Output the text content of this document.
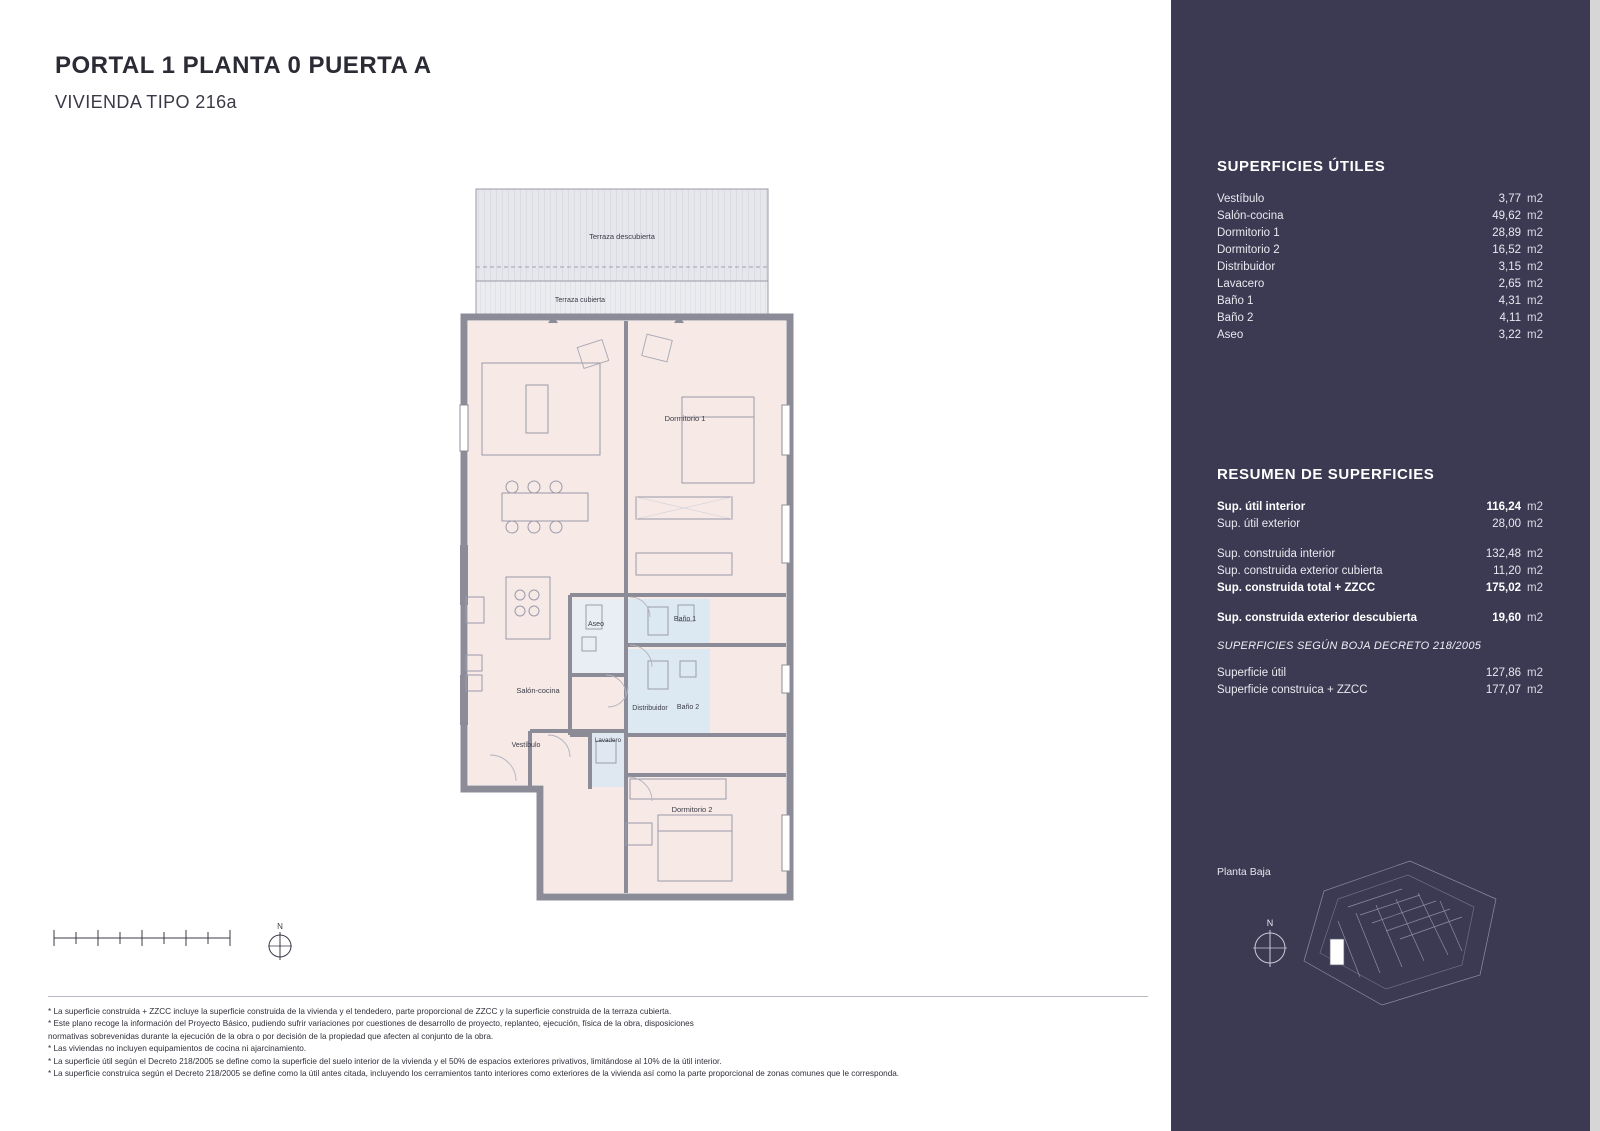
PORTAL 1 PLANTA 0 PUERTA A
VIVIENDA TIPO 216a
Terraza descubierta
Terraza cubierta
Dormitorio 1
Dormitorio 2
Salón-cocina
Aseo
Baño 1
Baño 2
Distribuidor
Vestíbulo
Lavadero
N
* La superficie construida + ZZCC incluye la superficie construida de la vivienda y el tendedero, parte proporcional de ZZCC y la superficie construida de la terraza cubierta.
* Este plano recoge la información del Proyecto Básico, pudiendo sufrir variaciones por cuestiones de desarrollo de proyecto, replanteo, ejecución, física de la obra, disposiciones
normativas sobrevenidas durante la ejecución de la obra o por decisión de la propiedad que afecten al conjunto de la obra.
* Las viviendas no incluyen equipamientos de cocina ni ajarcinamiento.
* La superficie útil según el Decreto 218/2005 se define como la superficie del suelo interior de la vivienda y el 50% de espacios exteriores privativos, limitándose al 10% de la útil interior.
* La superficie construica según el Decreto 218/2005 se define como la útil antes citada, incluyendo los cerramientos tanto interiores como exteriores de la vivienda así como la parte proporcional de zonas comunes que le corresponda.
SUPERFICIES ÚTILES
Vestíbulo	3,77 m2
Salón-cocina	49,62 m2
Dormitorio 1	28,89 m2
Dormitorio 2	16,52 m2
Distribuidor	3,15 m2
Lavacero	2,65 m2
Baño 1	4,31 m2
Baño 2	4,11 m2
Aseo	3,22 m2
RESUMEN DE SUPERFICIES
Sup. útil interior	116,24 m2
Sup. útil exterior	28,00 m2
Sup. construida interior	132,48 m2
Sup. construida exterior cubierta	11,20 m2
Sup. construida total + ZZCC	175,02 m2
Sup. construida exterior descubierta	19,60 m2
SUPERFICIES SEGÚN BOJA DECRETO 218/2005
Superficie útil	127,86 m2
Superficie construica + ZZCC	177,07 m2
Planta Baja
N
